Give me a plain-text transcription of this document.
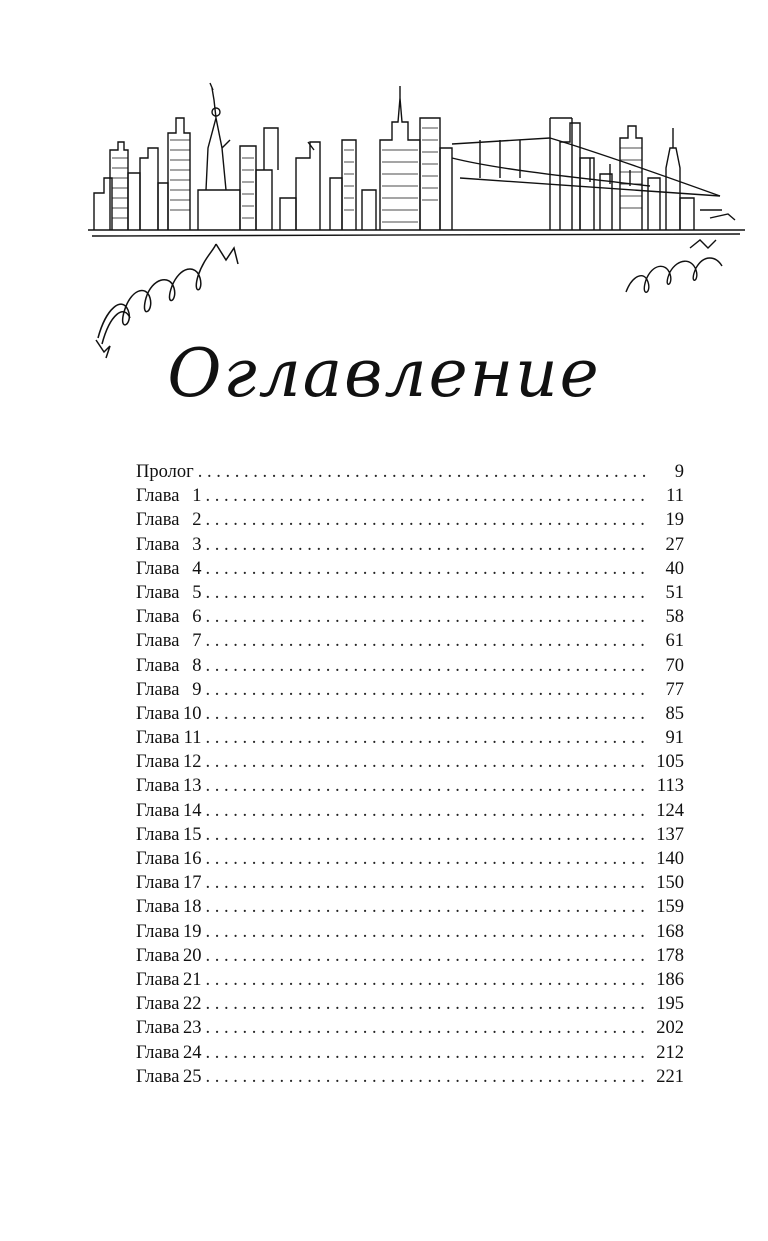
Оглавление
Пролог . . .	9
Глава 1 . . .	11
Глава 2 . . .	19
Глава 3 . . .	27
Глава 4 . . .	40
Глава 5 . . .	51
Глава 6 . . .	58
Глава 7 . . .	61
Глава 8 . . .	70
Глава 9 . . .	77
Глава 10 . . .	85
Глава 11 . . .	91
Глава 12 . . .	105
Глава 13 . . .	113
Глава 14 . . .	124
Глава 15 . . .	137
Глава 16 . . .	140
Глава 17 . . .	150
Глава 18 . . .	159
Глава 19 . . .	168
Глава 20 . . .	178
Глава 21 . . .	186
Глава 22 . . .	195
Глава 23 . . .	202
Глава 24 . . .	212
Глава 25 . . .	221
